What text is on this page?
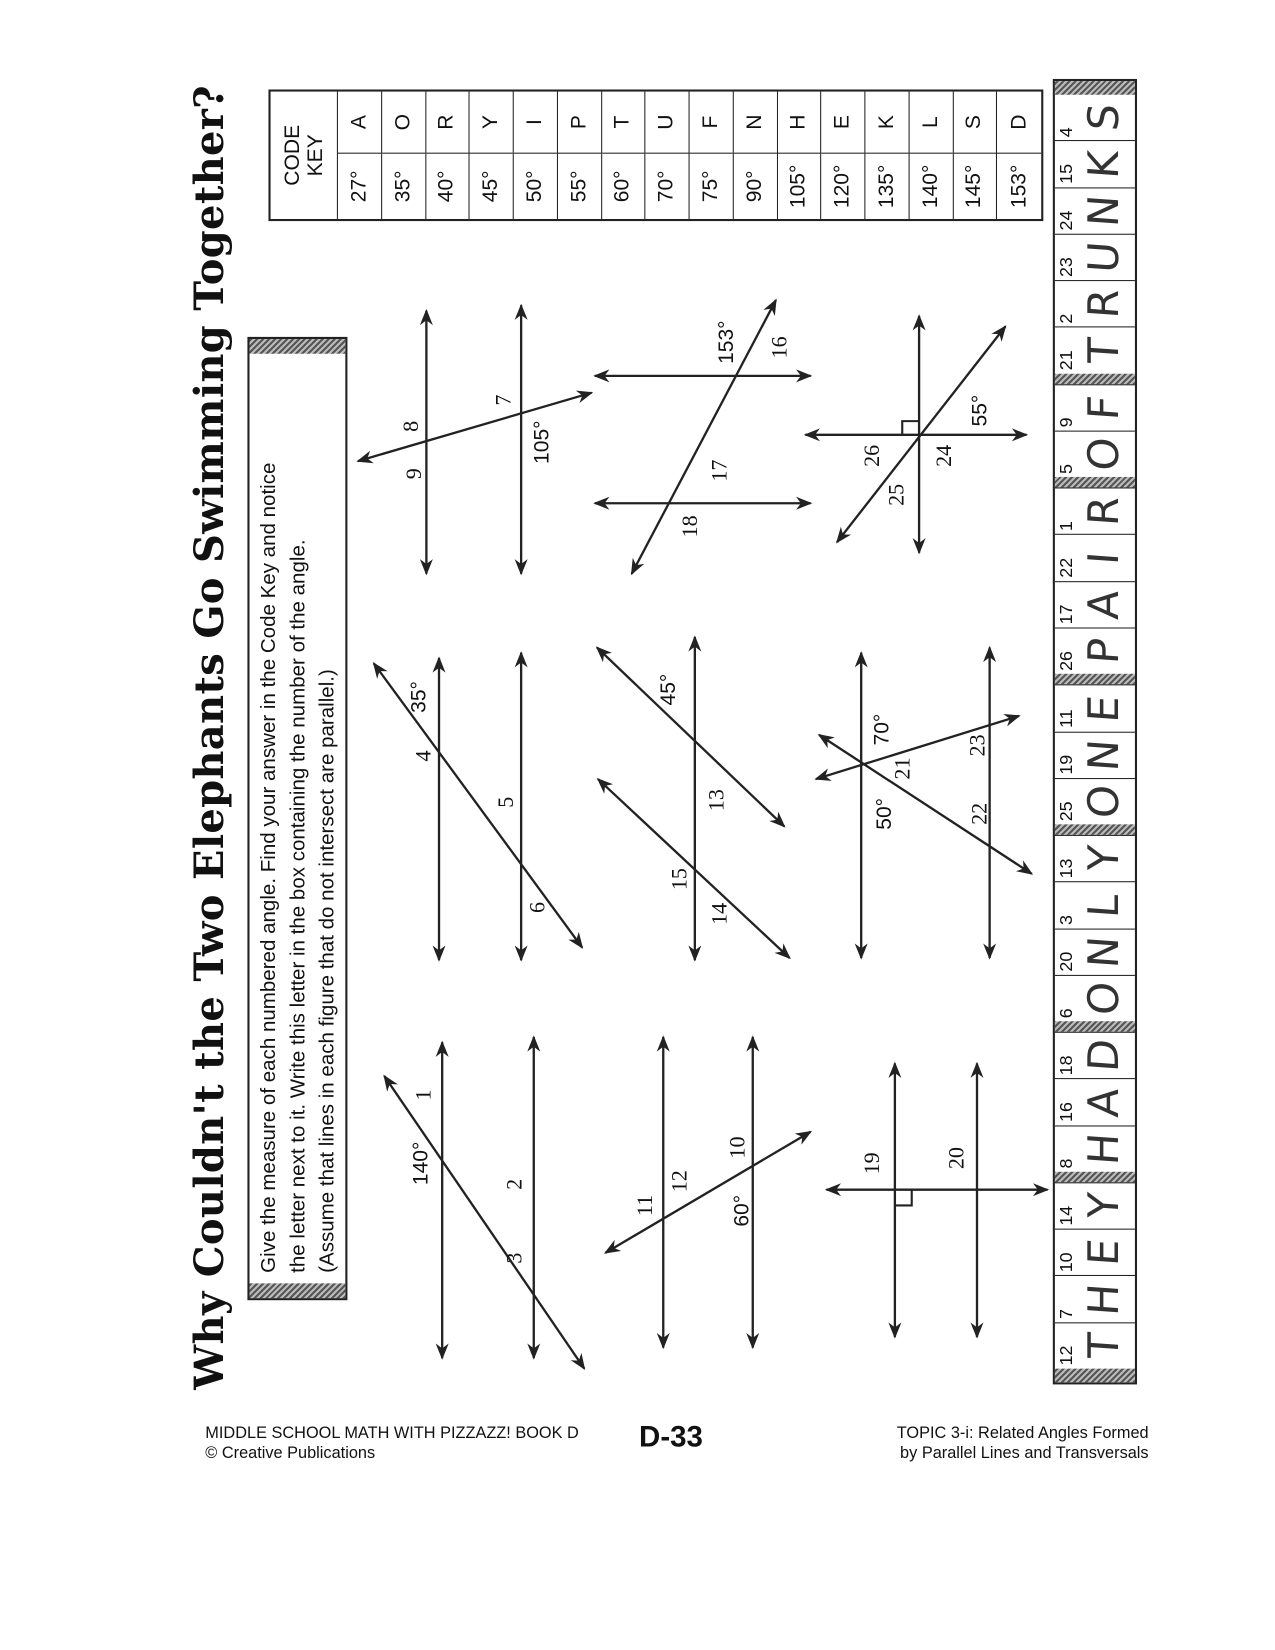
140°
1
2
3
35°
4
5
6
9
8
7
105°
11
12
60°
10
45°
13
15
14
153° 16
17
18
19	20
50°
70°
21
23
22
26
25
24
55°
Why Couldn't the Two Elephants Go Swimming Together? Give the measure of each numbered angle. Find your answer in the Code Key and notice the letter next to it. Write this letter in the box containing the number of the angle. (Assume that lines in each figure that do not intersect are parallel.)
CODE
KEY
27°
A
35°
O
40°
R
45°
Y
50°
I
55°
P
60°
T
70°
U
75°
F
90°
N
105°
H
120°
E
135°
K
140°
L
145°
S
153°
D
12 T
7 H
10 E
14 Y
8 H
16 A
18 D
6 O
20 N
3
L
13 Y
25 O
19 N
11 E
26 P
17 A
22 I
1 R
5 O
9
F
21 T
2 R
23 U
24 N
15 K
4 S
MIDDLE SCHOOL MATH WITH PIZZAZZ! BOOK D
© Creative Publications
D-33	TOPIC 3-i: Related Angles Formed
by Parallel Lines and Transversals
